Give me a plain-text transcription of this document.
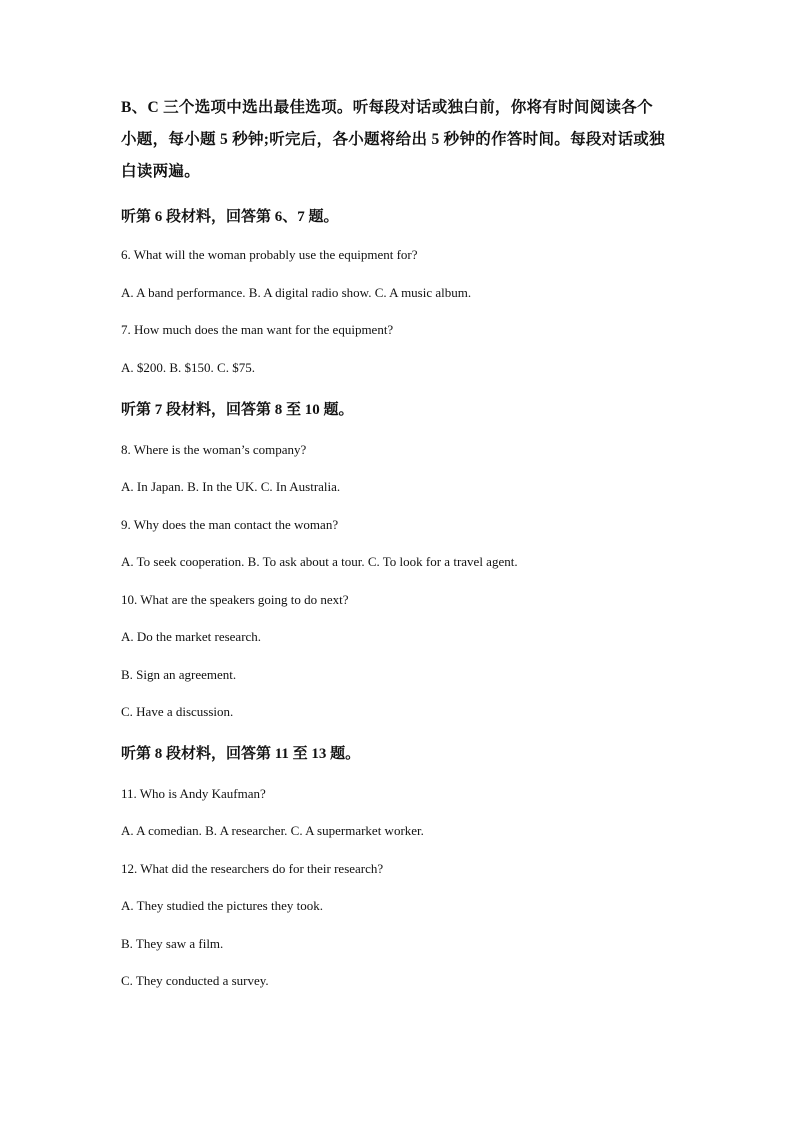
B、C 三个选项中选出最佳选项。听每段对话或独白前，你将有时间阅读各个
小题，每小题 5 秒钟;听完后，各小题将给出 5 秒钟的作答时间。每段对话或独
白读两遍。
听第 6 段材料，回答第 6、7 题。
6. What will the woman probably use the equipment for?
A. A band performance. B. A digital radio show. C. A music album.
7. How much does the man want for the equipment?
A. $200. B. $150. C. $75.
听第 7 段材料，回答第 8 至 10 题。
8. Where is the woman’s company?
A. In Japan. B. In the UK. C. In Australia.
9. Why does the man contact the woman?
A. To seek cooperation. B. To ask about a tour. C. To look for a travel agent.
10. What are the speakers going to do next?
A. Do the market research.
B. Sign an agreement.
C. Have a discussion.
听第 8 段材料，回答第 11 至 13 题。
11. Who is Andy Kaufman?
A. A comedian. B. A researcher. C. A supermarket worker.
12. What did the researchers do for their research?
A. They studied the pictures they took.
B. They saw a film.
C. They conducted a survey.
